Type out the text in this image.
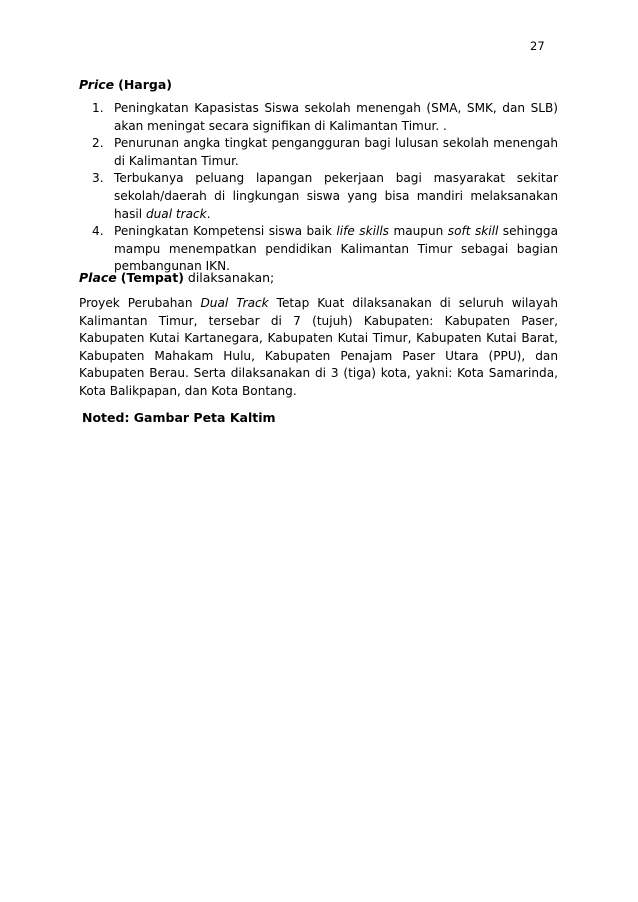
27
Price (Harga)
1. Peningkatan Kapasistas Siswa sekolah menengah (SMA, SMK, dan SLB) akan meningat secara signifikan di Kalimantan Timur. .
2. Penurunan angka tingkat pengangguran bagi lulusan sekolah menengah di Kalimantan Timur.
3. Terbukanya peluang lapangan pekerjaan bagi masyarakat sekitar sekolah/daerah di lingkungan siswa yang bisa mandiri melaksanakan hasil dual track.
4. Peningkatan Kompetensi siswa baik life skills maupun soft skill sehingga mampu menempatkan pendidikan Kalimantan Timur sebagai bagian pembangunan IKN.
Place (Tempat) dilaksanakan;

Proyek Perubahan Dual Track Tetap Kuat dilaksanakan di seluruh wilayah Kalimantan Timur, tersebar di 7 (tujuh) Kabupaten: Kabupaten Paser, Kabupaten Kutai Kartanegara, Kabupaten Kutai Timur, Kabupaten Kutai Barat, Kabupaten Mahakam Hulu, Kabupaten Penajam Paser Utara (PPU), dan Kabupaten Berau. Serta dilaksanakan di 3 (tiga) kota, yakni: Kota Samarinda, Kota Balikpapan, dan Kota Bontang.

Noted: Gambar Peta Kaltim
